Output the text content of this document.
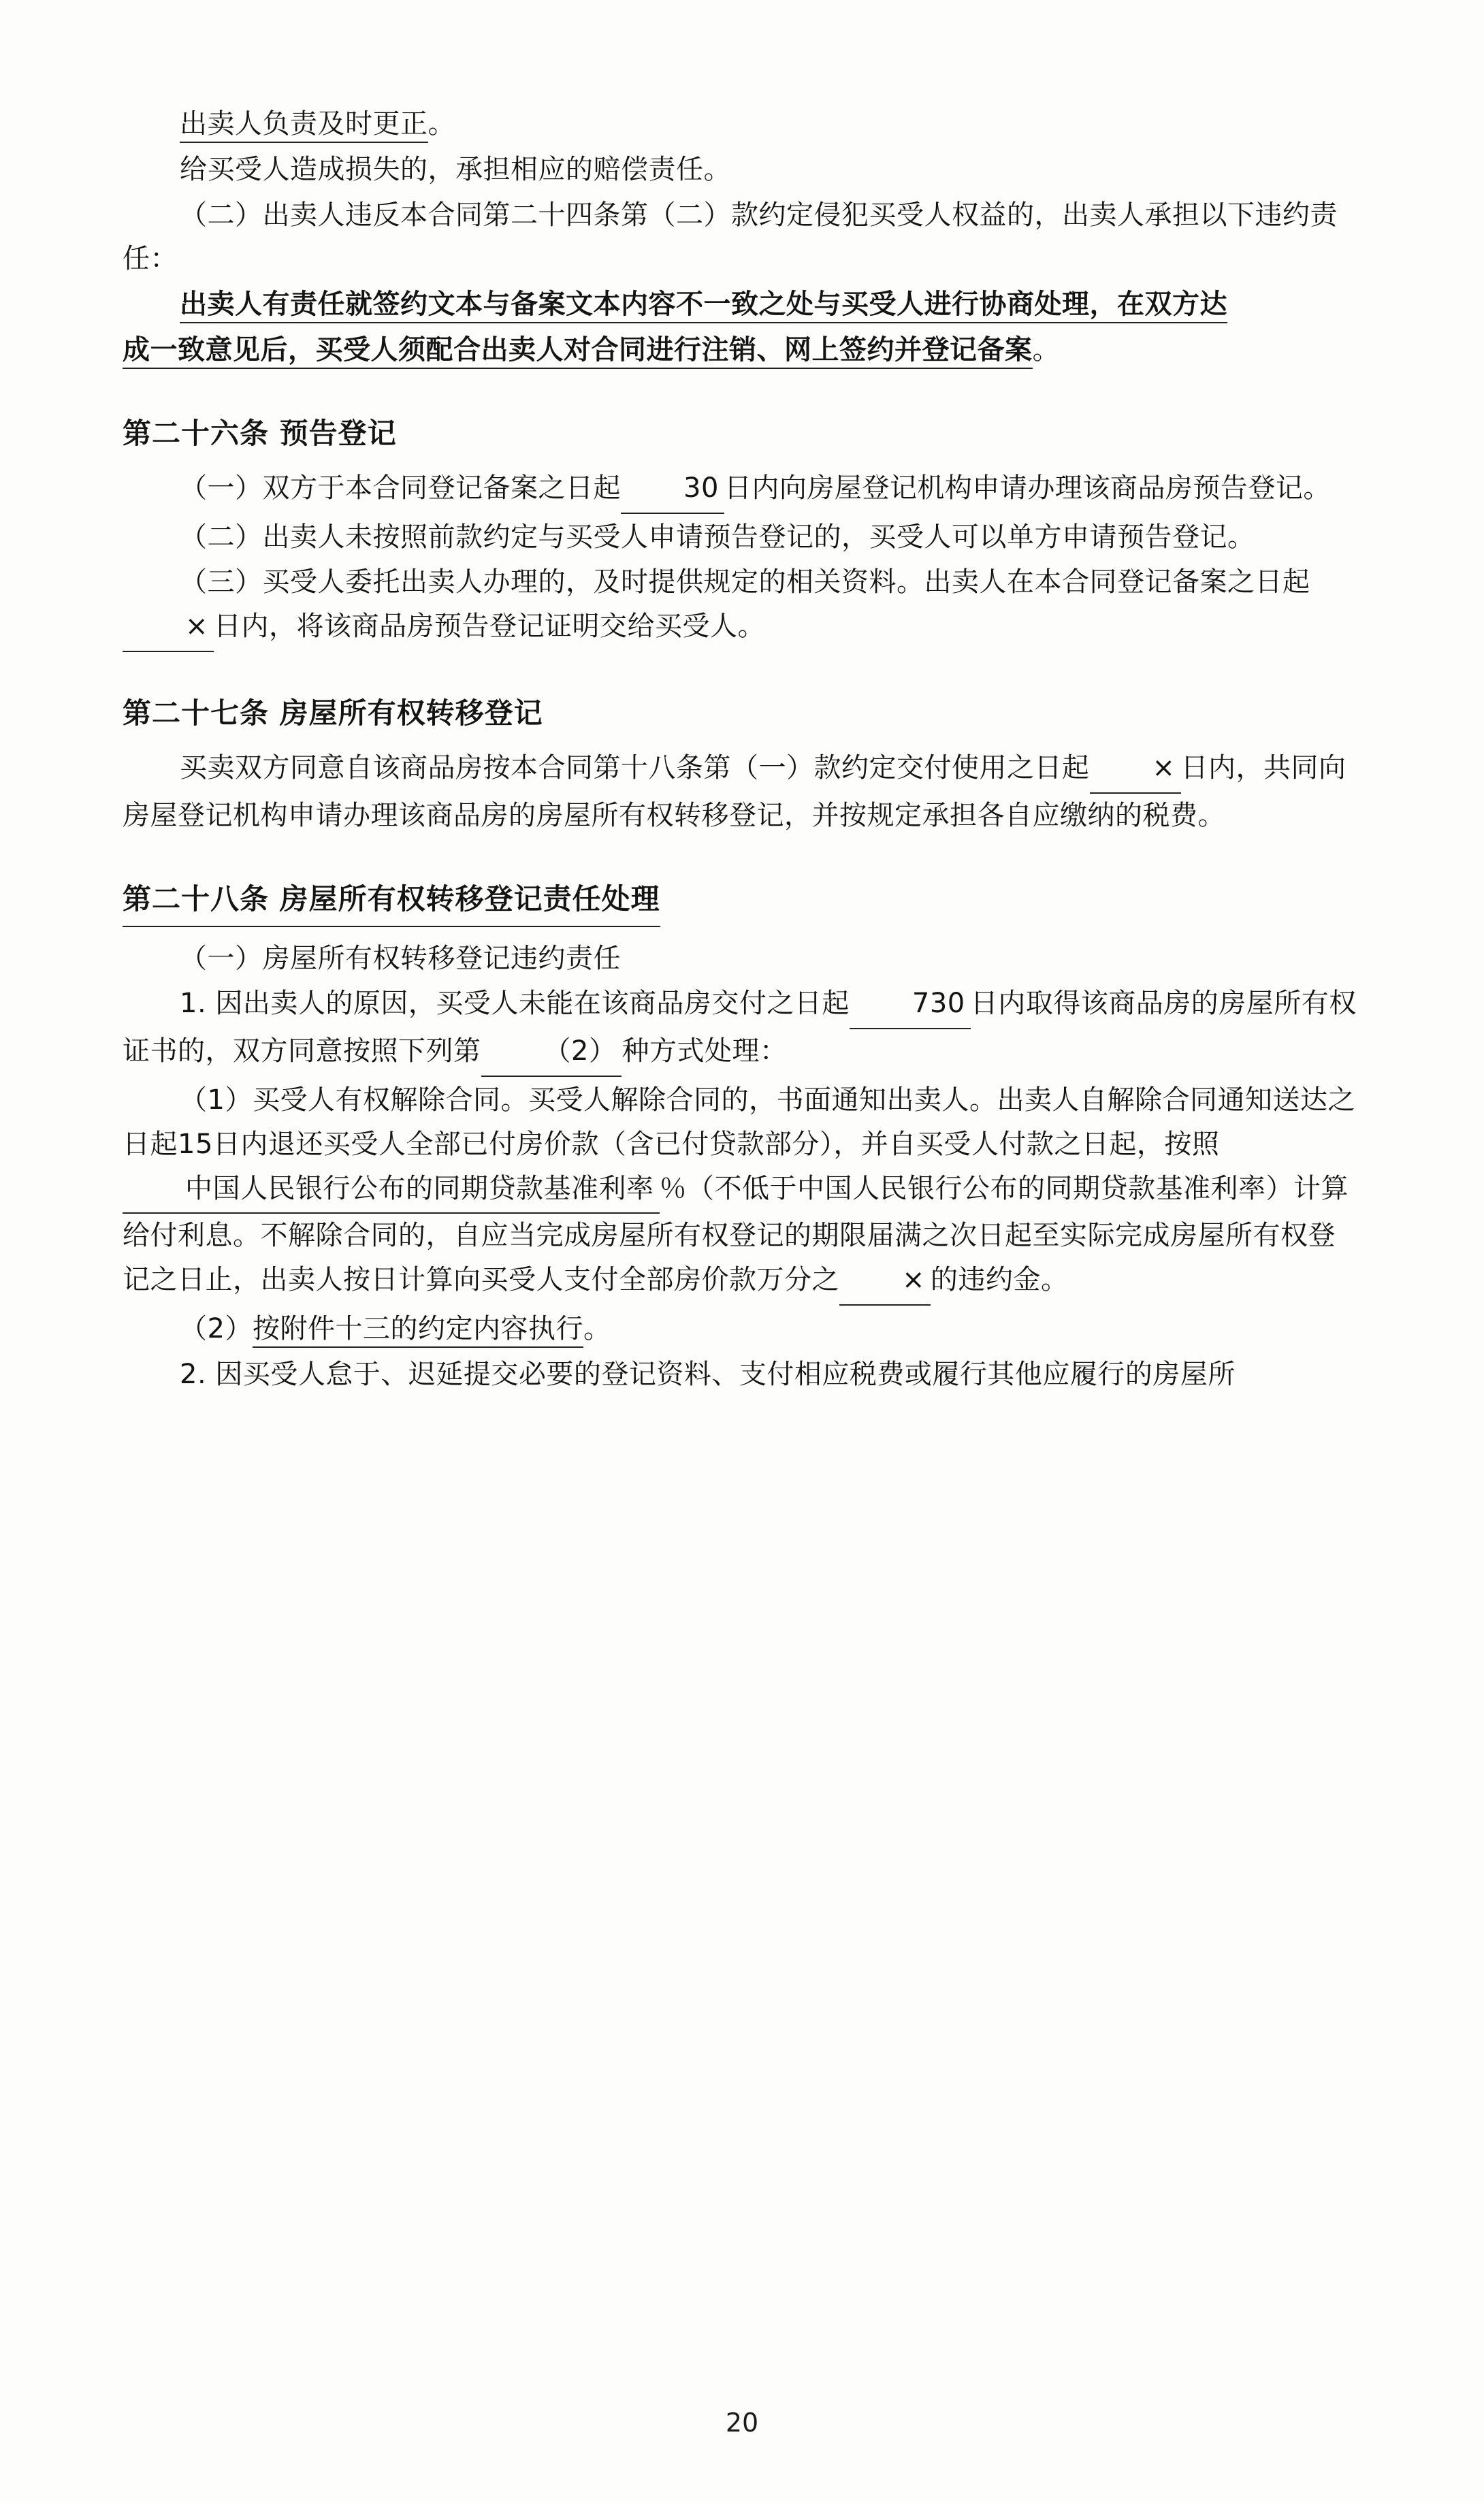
出卖人负责及时更正。

给买受人造成损失的，承担相应的赔偿责任。

（二）出卖人违反本合同第二十四条第（二）款约定侵犯买受人权益的，出卖人承担以下违约责任：

出卖人有责任就签约文本与备案文本内容不一致之处与买受人进行协商处理，在双方达

成一致意见后，买受人须配合出卖人对合同进行注销、网上签约并登记备案。

第二十六条 预告登记

（一）双方于本合同登记备案之日起 30 日内向房屋登记机构申请办理该商品房预告登记。

（二）出卖人未按照前款约定与买受人申请预告登记的，买受人可以单方申请预告登记。

（三）买受人委托出卖人办理的，及时提供规定的相关资料。出卖人在本合同登记备案之日起× 日内，将该商品房预告登记证明交给买受人。

第二十七条 房屋所有权转移登记

买卖双方同意自该商品房按本合同第十八条第（一）款约定交付使用之日起 × 日内，共同向房屋登记机构申请办理该商品房的房屋所有权转移登记，并按规定承担各自应缴纳的税费。

第二十八条 房屋所有权转移登记责任处理

（一）房屋所有权转移登记违约责任

1. 因出卖人的原因，买受人未能在该商品房交付之日起 730 日内取得该商品房的房屋所有权证书的，双方同意按照下列第 （2） 种方式处理：

（1）买受人有权解除合同。买受人解除合同的，书面通知出卖人。出卖人自解除合同通知送达之日起15日内退还买受人全部已付房价款（含已付贷款部分），并自买受人付款之日起，按照中国人民银行公布的同期贷款基准利率 ％（不低于中国人民银行公布的同期贷款基准利率）计算给付利息。不解除合同的，自应当完成房屋所有权登记的期限届满之次日起至实际完成房屋所有权登记之日止，出卖人按日计算向买受人支付全部房价款万分之 × 的违约金。

（2）按附件十三的约定内容执行。

2. 因买受人怠于、迟延提交必要的登记资料、支付相应税费或履行其他应履行的房屋所

20
